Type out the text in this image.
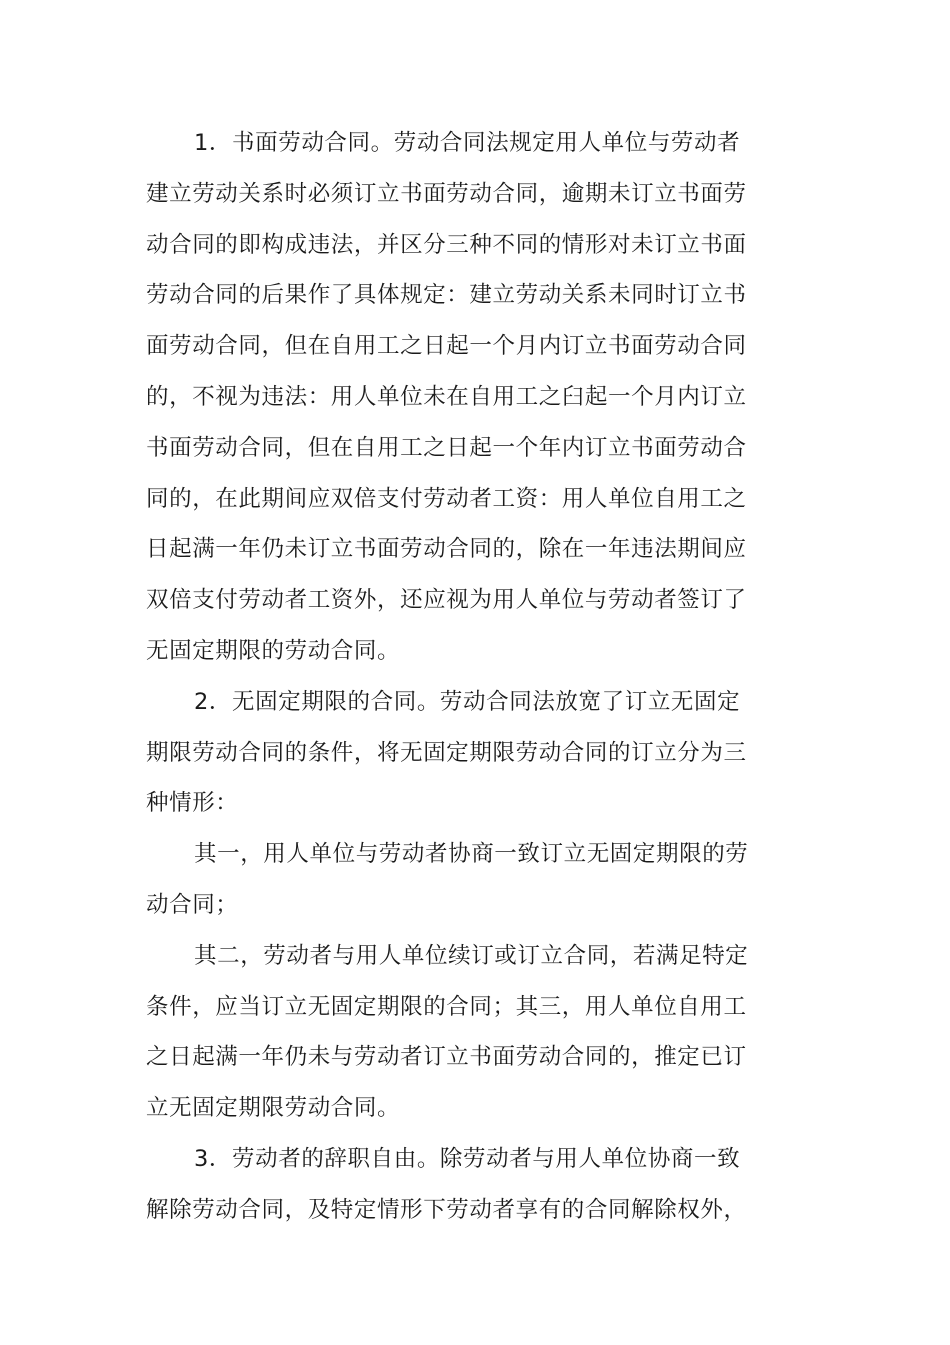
1．书面劳动合同。劳动合同法规定用人单位与劳动者
建立劳动关系时必须订立书面劳动合同，逾期未订立书面劳
动合同的即构成违法，并区分三种不同的情形对未订立书面
劳动合同的后果作了具体规定：建立劳动关系未同时订立书
面劳动合同，但在自用工之日起一个月内订立书面劳动合同
的，不视为违法：用人单位未在自用工之臼起一个月内订立
书面劳动合同，但在自用工之日起一个年内订立书面劳动合
同的，在此期间应双倍支付劳动者工资：用人单位自用工之
日起满一年仍未订立书面劳动合同的，除在一年违法期间应
双倍支付劳动者工资外，还应视为用人单位与劳动者签订了
无固定期限的劳动合同。
2．无固定期限的合同。劳动合同法放宽了订立无固定
期限劳动合同的条件，将无固定期限劳动合同的订立分为三
种情形：
其一，用人单位与劳动者协商一致订立无固定期限的劳
动合同；
其二，劳动者与用人单位续订或订立合同，若满足特定
条件，应当订立无固定期限的合同；其三，用人单位自用工
之日起满一年仍未与劳动者订立书面劳动合同的，推定已订
立无固定期限劳动合同。
3．劳动者的辞职自由。除劳动者与用人单位协商一致
解除劳动合同，及特定情形下劳动者享有的合同解除权外，
